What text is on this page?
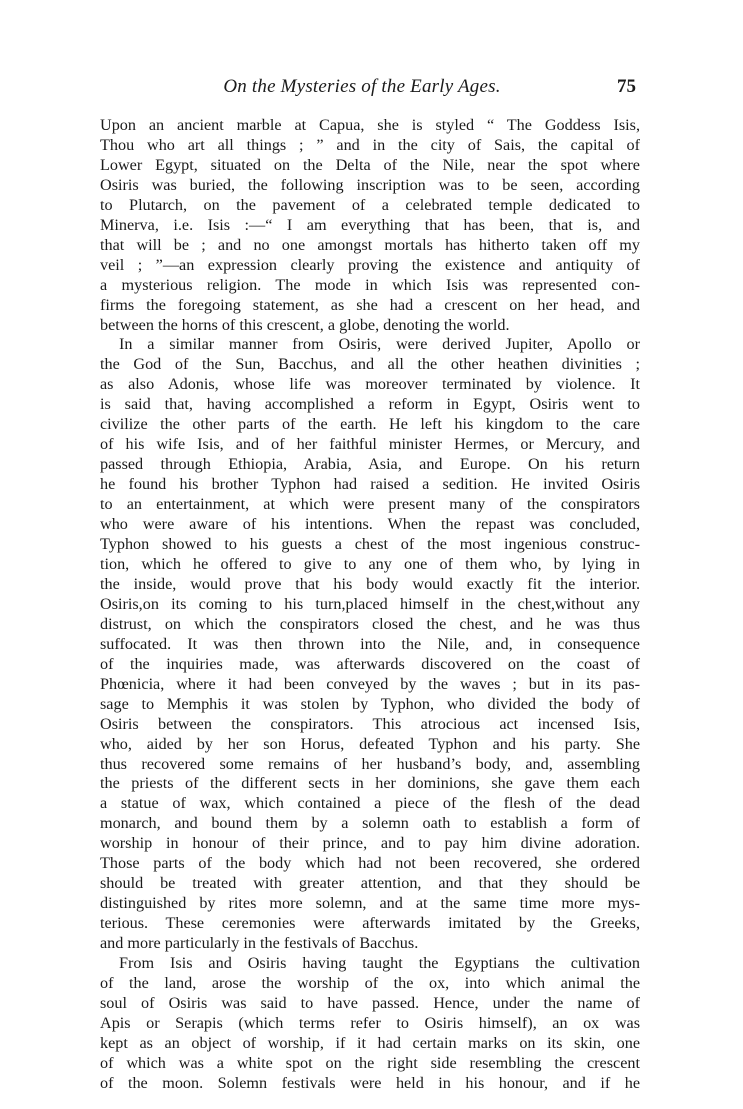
On the Mysteries of the Early Ages.	75
Upon an ancient marble at Capua, she is styled “ The Goddess Isis,
Thou who art all things ; ” and in the city of Sais, the capital of
Lower Egypt, situated on the Delta of the Nile, near the spot where
Osiris was buried, the following inscription was to be seen, according
to Plutarch, on the pavement of a celebrated temple dedicated to
Minerva, i.e. Isis :—“ I am everything that has been, that is, and
that will be ; and no one amongst mortals has hitherto taken off my
veil ; ”—an expression clearly proving the existence and antiquity of
a mysterious religion. The mode in which Isis was represented con-
firms the foregoing statement, as she had a crescent on her head, and
between the horns of this crescent, a globe, denoting the world.
In a similar manner from Osiris, were derived Jupiter, Apollo or
the God of the Sun, Bacchus, and all the other heathen divinities ;
as also Adonis, whose life was moreover terminated by violence. It
is said that, having accomplished a reform in Egypt, Osiris went to
civilize the other parts of the earth. He left his kingdom to the care
of his wife Isis, and of her faithful minister Hermes, or Mercury, and
passed through Ethiopia, Arabia, Asia, and Europe. On his return
he found his brother Typhon had raised a sedition. He invited Osiris
to an entertainment, at which were present many of the conspirators
who were aware of his intentions. When the repast was concluded,
Typhon showed to his guests a chest of the most ingenious construc-
tion, which he offered to give to any one of them who, by lying in
the inside, would prove that his body would exactly fit the interior.
Osiris,on its coming to his turn,placed himself in the chest,without any
distrust, on which the conspirators closed the chest, and he was thus
suffocated. It was then thrown into the Nile, and, in consequence
of the inquiries made, was afterwards discovered on the coast of
Phœnicia, where it had been conveyed by the waves ; but in its pas-
sage to Memphis it was stolen by Typhon, who divided the body of
Osiris between the conspirators. This atrocious act incensed Isis,
who, aided by her son Horus, defeated Typhon and his party. She
thus recovered some remains of her husband’s body, and, assembling
the priests of the different sects in her dominions, she gave them each
a statue of wax, which contained a piece of the flesh of the dead
monarch, and bound them by a solemn oath to establish a form of
worship in honour of their prince, and to pay him divine adoration.
Those parts of the body which had not been recovered, she ordered
should be treated with greater attention, and that they should be
distinguished by rites more solemn, and at the same time more mys-
terious. These ceremonies were afterwards imitated by the Greeks,
and more particularly in the festivals of Bacchus.
From Isis and Osiris having taught the Egyptians the cultivation
of the land, arose the worship of the ox, into which animal the
soul of Osiris was said to have passed. Hence, under the name of
Apis or Serapis (which terms refer to Osiris himself), an ox was
kept as an object of worship, if it had certain marks on its skin, one
of which was a white spot on the right side resembling the crescent
of the moon. Solemn festivals were held in his honour, and if he
